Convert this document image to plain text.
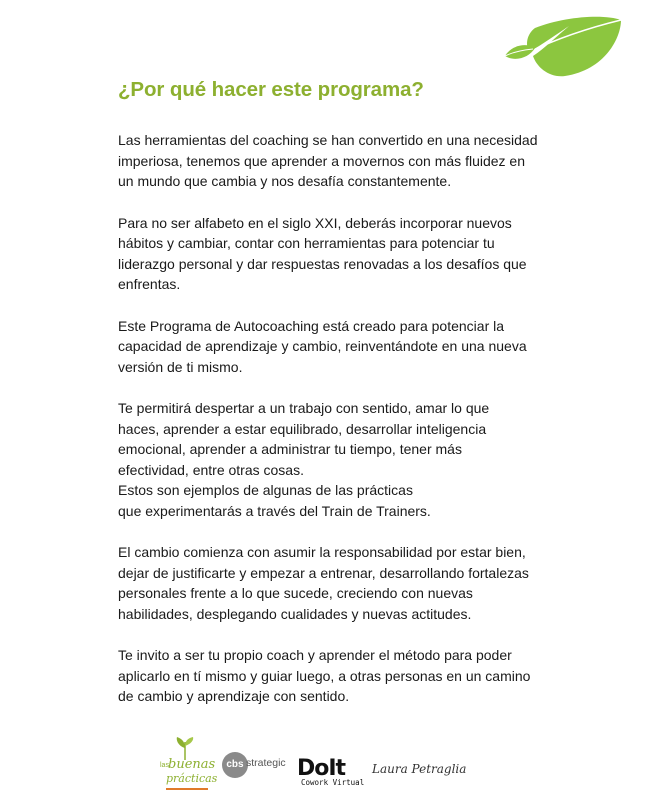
¿Por qué hacer este programa?

Las herramientas del coaching se han convertido en una necesidad
imperiosa, tenemos que aprender a movernos con más fluidez en
un mundo que cambia y nos desafía constantemente.

Para no ser alfabeto en el siglo XXI, deberás incorporar nuevos
hábitos y cambiar, contar con herramientas para potenciar tu
liderazgo personal y dar respuestas renovadas a los desafíos que
enfrentas.

Este Programa de Autocoaching está creado para potenciar la
capacidad de aprendizaje y cambio, reinventándote en una nueva
versión de ti mismo.

Te permitirá despertar a un trabajo con sentido, amar lo que
haces, aprender a estar equilibrado, desarrollar inteligencia
emocional, aprender a administrar tu tiempo, tener más
efectividad, entre otras cosas.
Estos son ejemplos de algunas de las prácticas
que experimentarás a través del Train de Trainers.

El cambio comienza con asumir la responsabilidad por estar bien,
dejar de justificarte y empezar a entrenar, desarrollando fortalezas
personales frente a lo que sucede, creciendo con nuevas
habilidades, desplegando cualidades y nuevas actitudes.

Te invito a ser tu propio coach y aprender el método para poder
aplicarlo en tí mismo y guiar luego, a otras personas en un camino
de cambio y aprendizaje con sentido.

las buenas
prácticas
cbs strategic DoIt
Cowork Virtual
Laura Petraglia
